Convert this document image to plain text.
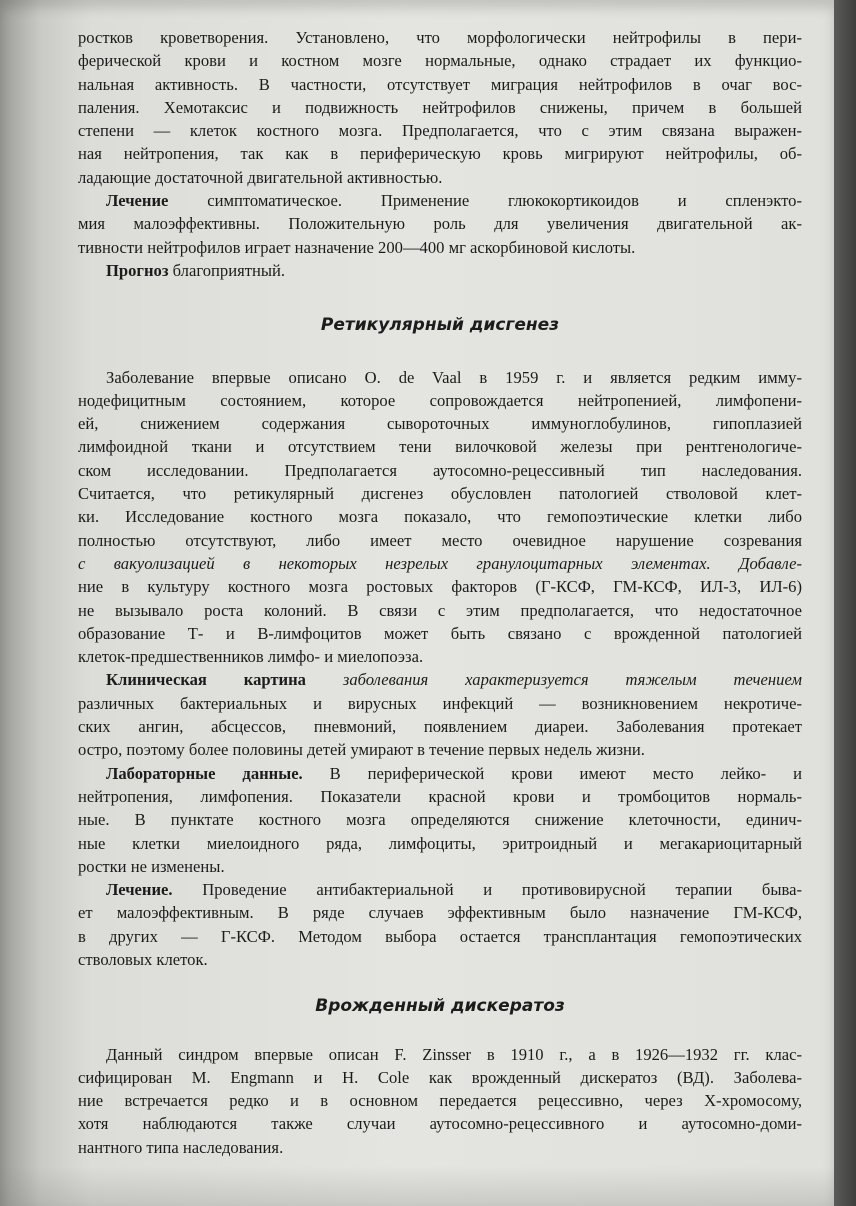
ростков кроветворения. Установлено, что морфологически нейтрофилы в пери-
ферической крови и костном мозге нормальные, однако страдает их функцио-
нальная активность. В частности, отсутствует миграция нейтрофилов в очаг вос-
паления. Хемотаксис и подвижность нейтрофилов снижены, причем в большей
степени — клеток костного мозга. Предполагается, что с этим связана выражен-
ная нейтропения, так как в периферическую кровь мигрируют нейтрофилы, об-
ладающие достаточной двигательной активностью.
Лечение симптоматическое. Применение глюкокортикоидов и спленэкто-
мия малоэффективны. Положительную роль для увеличения двигательной ак-
тивности нейтрофилов играет назначение 200—400 мг аскорбиновой кислоты.
Прогноз благоприятный.
Ретикулярный дисгенез
Заболевание впервые описано O. de Vaal в 1959 г. и является редким имму-
нодефицитным состоянием, которое сопровождается нейтропенией, лимфопени-
ей, снижением содержания сывороточных иммуноглобулинов, гипоплазией
лимфоидной ткани и отсутствием тени вилочковой железы при рентгенологиче-
ском исследовании. Предполагается аутосомно-рецессивный тип наследования.
Считается, что ретикулярный дисгенез обусловлен патологией стволовой клет-
ки. Исследование костного мозга показало, что гемопоэтические клетки либо
полностью отсутствуют, либо имеет место очевидное нарушение созревания
с вакуолизацией в некоторых незрелых гранулоцитарных элементах. Добавле-
ние в культуру костного мозга ростовых факторов (Г-КСФ, ГМ-КСФ, ИЛ-3, ИЛ-6)
не вызывало роста колоний. В связи с этим предполагается, что недостаточное
образование Т- и В-лимфоцитов может быть связано с врожденной патологией
клеток-предшественников лимфо- и миелопоэза.
Клиническая картина заболевания характеризуется тяжелым течением
различных бактериальных и вирусных инфекций — возникновением некротиче-
ских ангин, абсцессов, пневмоний, появлением диареи. Заболевания протекает
остро, поэтому более половины детей умирают в течение первых недель жизни.
Лабораторные данные. В периферической крови имеют место лейко- и
нейтропения, лимфопения. Показатели красной крови и тромбоцитов нормаль-
ные. В пунктате костного мозга определяются снижение клеточности, единич-
ные клетки миелоидного ряда, лимфоциты, эритроидный и мегакариоцитарный
ростки не изменены.
Лечение. Проведение антибактериальной и противовирусной терапии быва-
ет малоэффективным. В ряде случаев эффективным было назначение ГМ-КСФ,
в других — Г-КСФ. Методом выбора остается трансплантация гемопоэтических
стволовых клеток.
Врожденный дискератоз
Данный синдром впервые описан F. Zinsser в 1910 г., а в 1926—1932 гг. клас-
сифицирован M. Engmann и H. Cole как врожденный дискератоз (ВД). Заболева-
ние встречается редко и в основном передается рецессивно, через Х-хромосому,
хотя наблюдаются также случаи аутосомно-рецессивного и аутосомно-доми-
нантного типа наследования.
